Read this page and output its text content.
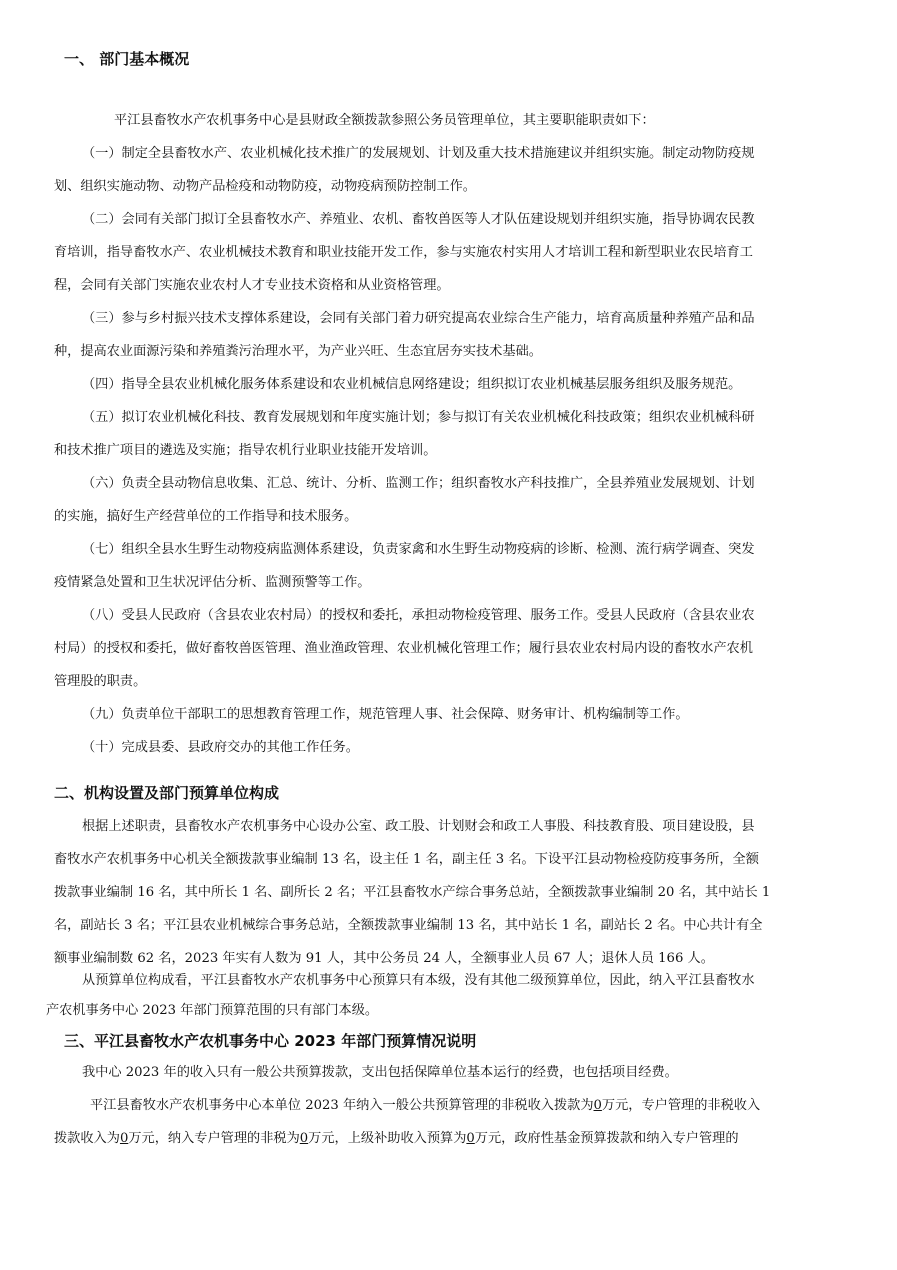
一、 部门基本概况
平江县畜牧水产农机事务中心是县财政全额拨款参照公务员管理单位，其主要职能职责如下：
（一）制定全县畜牧水产、农业机械化技术推广的发展规划、计划及重大技术措施建议并组织实施。制定动物防疫规
划、组织实施动物、动物产品检疫和动物防疫，动物疫病预防控制工作。
（二）会同有关部门拟订全县畜牧水产、养殖业、农机、畜牧兽医等人才队伍建设规划并组织实施，指导协调农民教
育培训，指导畜牧水产、农业机械技术教育和职业技能开发工作，参与实施农村实用人才培训工程和新型职业农民培育工
程，会同有关部门实施农业农村人才专业技术资格和从业资格管理。
（三）参与乡村振兴技术支撑体系建设，会同有关部门着力研究提高农业综合生产能力，培育高质量种养殖产品和品
种，提高农业面源污染和养殖粪污治理水平，为产业兴旺、生态宜居夯实技术基础。
（四）指导全县农业机械化服务体系建设和农业机械信息网络建设；组织拟订农业机械基层服务组织及服务规范。
（五）拟订农业机械化科技、教育发展规划和年度实施计划；参与拟订有关农业机械化科技政策；组织农业机械科研
和技术推广项目的遴选及实施；指导农机行业职业技能开发培训。
（六）负责全县动物信息收集、汇总、统计、分析、监测工作；组织畜牧水产科技推广，全县养殖业发展规划、计划
的实施，搞好生产经营单位的工作指导和技术服务。
（七）组织全县水生野生动物疫病监测体系建设，负责家禽和水生野生动物疫病的诊断、检测、流行病学调查、突发
疫情紧急处置和卫生状况评估分析、监测预警等工作。
（八）受县人民政府（含县农业农村局）的授权和委托，承担动物检疫管理、服务工作。受县人民政府（含县农业农
村局）的授权和委托，做好畜牧兽医管理、渔业渔政管理、农业机械化管理工作；履行县农业农村局内设的畜牧水产农机
管理股的职责。
（九）负责单位干部职工的思想教育管理工作，规范管理人事、社会保障、财务审计、机构编制等工作。
（十）完成县委、县政府交办的其他工作任务。
二、机构设置及部门预算单位构成
根据上述职责，县畜牧水产农机事务中心设办公室、政工股、计划财会和政工人事股、科技教育股、项目建设股，县
畜牧水产农机事务中心机关全额拨款事业编制 13 名，设主任 1 名，副主任 3 名。下设平江县动物检疫防疫事务所，全额
拨款事业编制 16 名，其中所长 1 名、副所长 2 名；平江县畜牧水产综合事务总站，全额拨款事业编制 20 名，其中站长 1
名，副站长 3 名；平江县农业机械综合事务总站，全额拨款事业编制 13 名，其中站长 1 名，副站长 2 名。中心共计有全
额事业编制数 62 名，2023 年实有人数为 91 人，其中公务员 24 人，全额事业人员 67 人；退休人员 166 人。
从预算单位构成看，平江县畜牧水产农机事务中心预算只有本级，没有其他二级预算单位，因此，纳入平江县畜牧水
产农机事务中心 2023 年部门预算范围的只有部门本级。
三、平江县畜牧水产农机事务中心 2023 年部门预算情况说明
我中心 2023 年的收入只有一般公共预算拨款，支出包括保障单位基本运行的经费，也包括项目经费。
平江县畜牧水产农机事务中心本单位 2023 年纳入一般公共预算管理的非税收入拨款为0万元，专户管理的非税收入
拨款收入为0万元，纳入专户管理的非税为0万元，上级补助收入预算为0万元，政府性基金预算拨款和纳入专户管理的
